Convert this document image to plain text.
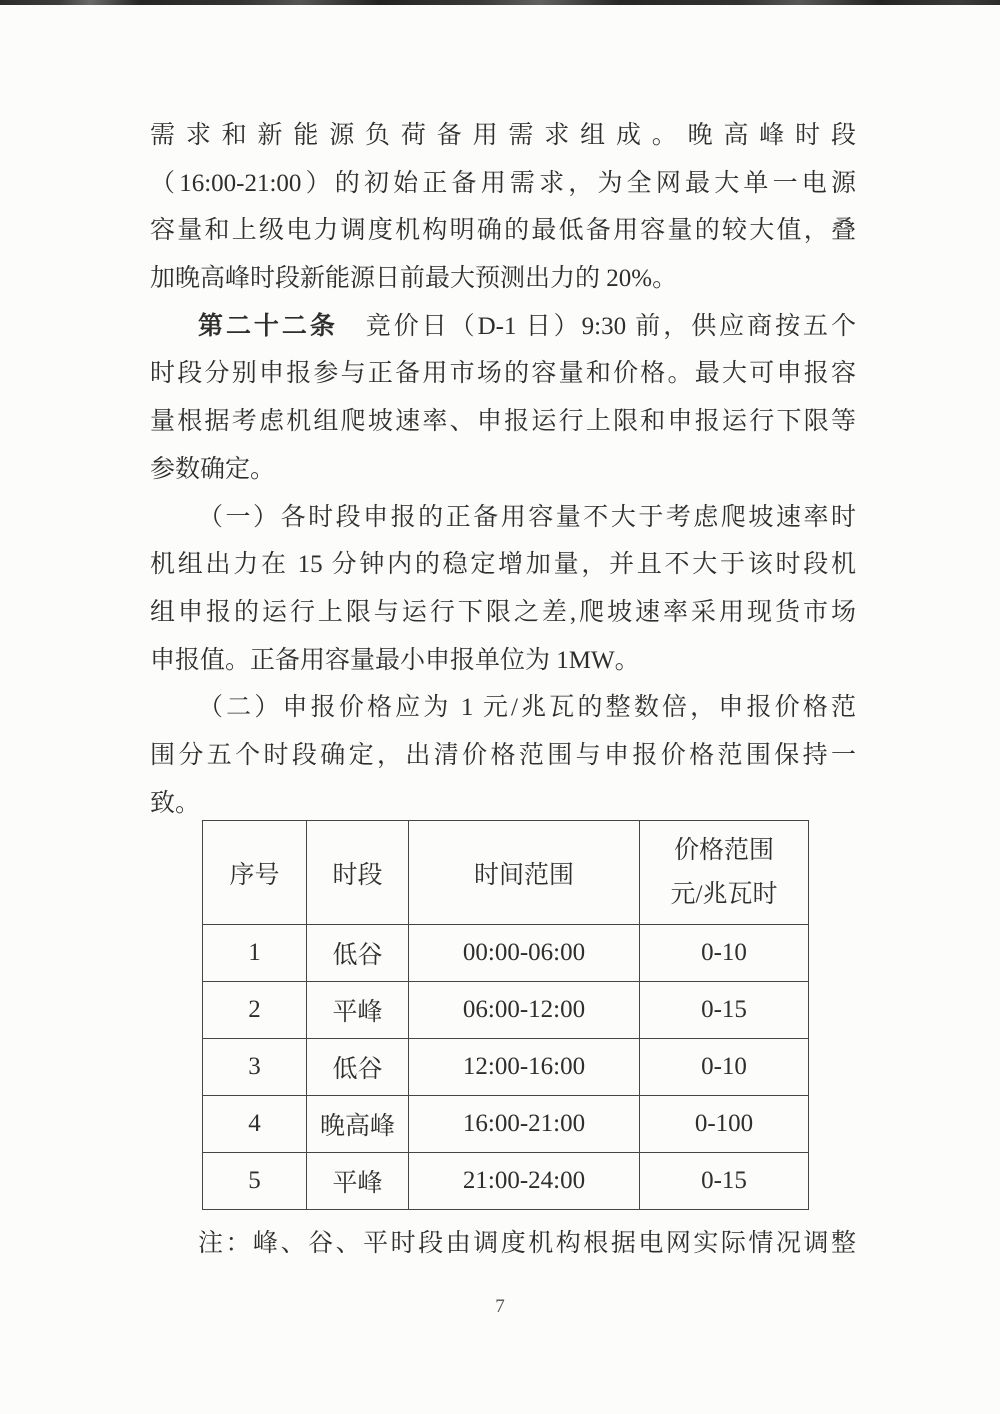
需求和新能源负荷备用需求组成。晚高峰时段
（16:00-21:00）的初始正备用需求，为全网最大单一电源
容量和上级电力调度机构明确的最低备用容量的较大值，叠
加晚高峰时段新能源日前最大预测出力的 20%。
第二十二条　竞价日（D-1 日）9:30 前，供应商按五个
时段分别申报参与正备用市场的容量和价格。最大可申报容
量根据考虑机组爬坡速率、申报运行上限和申报运行下限等
参数确定。
（一）各时段申报的正备用容量不大于考虑爬坡速率时
机组出力在 15 分钟内的稳定增加量，并且不大于该时段机
组申报的运行上限与运行下限之差,爬坡速率采用现货市场
申报值。正备用容量最小申报单位为 1MW。
（二）申报价格应为 1 元/兆瓦的整数倍，申报价格范
围分五个时段确定，出清价格范围与申报价格范围保持一
致。
序号	时段	时间范围	价格范围
元/兆瓦时

1	低谷	00:00-06:00	0-10
2	平峰	06:00-12:00	0-15
3	低谷	12:00-16:00	0-10
4	晚高峰	16:00-21:00	0-100
5	平峰	21:00-24:00	0-15
注：峰、谷、平时段由调度机构根据电网实际情况调整
7
